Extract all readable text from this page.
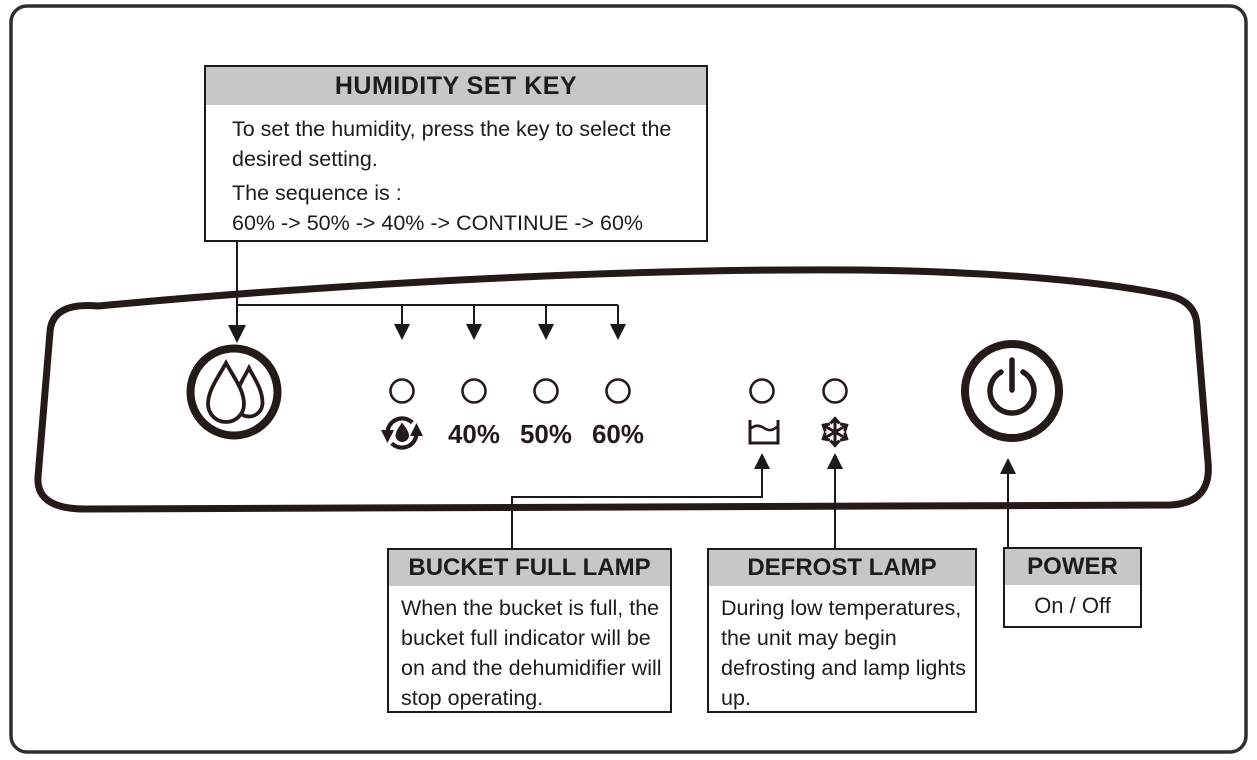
HUMIDITY SET KEY
To set the humidity, press the key to select the desired setting.
The sequence is :
60% -> 50% -> 40% -> CONTINUE -> 60%
40% 50% 60%
BUCKET FULL LAMP
When the bucket is full, the bucket full indicator will be on and the dehumidifier will stop operating.
DEFROST LAMP
During low temperatures, the unit may begin defrosting and lamp lights up.
POWER
On / Off
